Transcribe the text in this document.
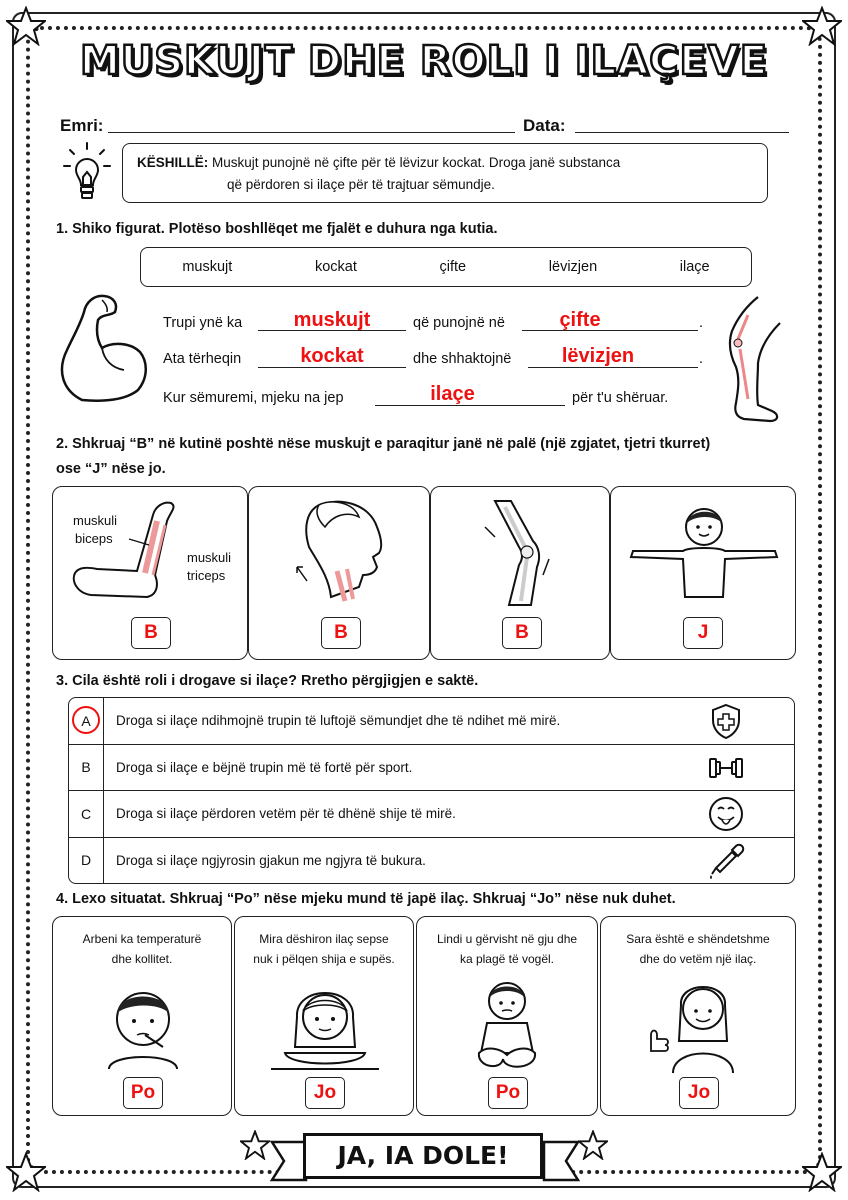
MUSKUJT DHE ROLI I ILAÇEVE
Emri:	Data:
KËSHILLË: Muskujt punojnë në çifte për të lëvizur kockat. Droga janë substanca
që përdoren si ilaçe për të trajtuar sëmundje.
1. Shiko figurat. Plotëso boshllëqet me fjalët e duhura nga kutia.
muskujt	kockat	çifte	lëvizjen	ilaçe
Trupi ynë ka	muskujt	që punojnë në	çifte	.
Ata tërheqin	kockat	dhe shhaktojnë	lëvizjen	.
Kur sëmuremi, mjeku na jep	ilaçe	për t'u shëruar.
2. Shkruaj “B” në kutinë poshtë nëse muskujt e paraqitur janë në palë (një zgjatet, tjetri tkurret)
ose “J” nëse jo.
muskuli
biceps
muskuli
triceps
B	B	B	J
3. Cila është roli i drogave si ilaçe? Rretho përgjigjen e saktë.
A	Droga si ilaçe ndihmojnë trupin të luftojë sëmundjet dhe të ndihet më mirë.
B	Droga si ilaçe e bëjnë trupin më të fortë për sport.
C	Droga si ilaçe përdoren vetëm për të dhënë shije të mirë.
D	Droga si ilaçe ngjyrosin gjakun me ngjyra të bukura.
4. Lexo situatat. Shkruaj “Po” nëse mjeku mund të japë ilaç. Shkruaj “Jo” nëse nuk duhet.
Arbeni ka temperaturë
dhe kollitet.
Po
Mira dëshiron ilaç sepse
nuk i pëlqen shija e supës.
Jo
Lindi u gërvisht në gju dhe
ka plagë të vogël.
Po
Sara është e shëndetshme
dhe do vetëm një ilaç.
Jo
JA, IA DOLE!
